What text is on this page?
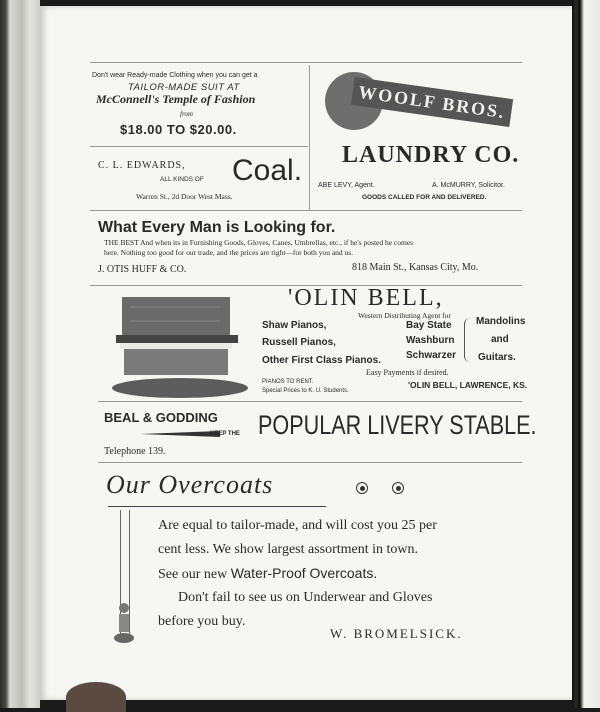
Don't wear Ready-made Clothing when you can get a
TAILOR-MADE SUIT AT
McConnell's Temple of Fashion
from
$18.00 TO $20.00.
C. L. EDWARDS,
ALL KINDS OF Coal.
Warren St., 2d Door West Mass.
WOOLF BROS.
LAUNDRY CO.
ABE LEVY, Agent.	A. McMURRY, Solicitor.
GOODS CALLED FOR AND DELIVERED.
What Every Man is Looking for.
THE BEST And when its in Furnishing Goods, Gloves, Canes, Umbrellas, etc., if he's posted he comes
here. Nothing too good for our trade, and the prices are right—for both you and us.
J. OTIS HUFF & CO.	818 Main St., Kansas City, Mo.
'OLIN BELL,
Western Distributing Agent for
Shaw Pianos,
Russell Pianos,
Other First Class Pianos.
Bay State
Washburn
Schwarzer
Mandolins
and
Guitars.
PIANOS TO RENT.
Special Prices to K. U. Students.
Easy Payments if desired.
'OLIN BELL, LAWRENCE, KS.
BEAL & GODDING
KEEP THE POPULAR LIVERY STABLE.
Telephone 139.
Our Overcoats
Are equal to tailor-made, and will cost you 25 per
cent less. We show largest assortment in town.
See our new Water-Proof Overcoats.
Don't fail to see us on Underwear and Gloves
before you buy.
W. BROMELSICK.
